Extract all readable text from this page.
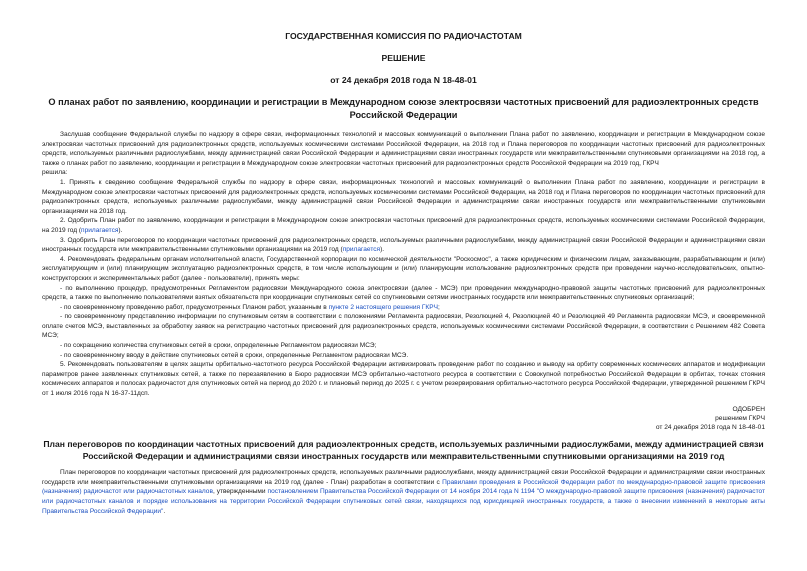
ГОСУДАРСТВЕННАЯ КОМИССИЯ ПО РАДИОЧАСТОТАМ
РЕШЕНИЕ
от 24 декабря 2018 года N 18-48-01
О планах работ по заявлению, координации и регистрации в Международном союзе электросвязи частотных присвоений для радиоэлектронных средств Российской Федерации

Заслушав сообщение Федеральной службы по надзору в сфере связи, информационных технологий и массовых коммуникаций о выполнении Плана работ по заявлению, координации и регистрации в Международном союзе электросвязи частотных присвоений для радиоэлектронных средств, используемых космическими системами Российской Федерации, на 2018 год и Плана переговоров по координации частотных присвоений для радиоэлектронных средств, используемых различными радиослужбами, между администрацией связи Российской Федерации и администрациями связи иностранных государств или межправительственными спутниковыми организациями на 2018 год, а также о планах работ по заявлению, координации и регистрации в Международном союзе электросвязи частотных присвоений для радиоэлектронных средств Российской Федерации на 2019 год, ГКРЧ

решила:

1. Принять к сведению сообщение Федеральной службы по надзору в сфере связи, информационных технологий и массовых коммуникаций о выполнении Плана работ по заявлению, координации и регистрации в Международном союзе электросвязи частотных присвоений для радиоэлектронных средств, используемых космическими системами Российской Федерации, на 2018 год и Плана переговоров по координации частотных присвоений для радиоэлектронных средств, используемых различными радиослужбами, между администрацией связи Российской Федерации и администрациями связи иностранных государств или межправительственными спутниковыми организациями на 2018 год.

2. Одобрить План работ по заявлению, координации и регистрации в Международном союзе электросвязи частотных присвоений для радиоэлектронных средств, используемых космическими системами Российской Федерации, на 2019 год (прилагается).

3. Одобрить План переговоров по координации частотных присвоений для радиоэлектронных средств, используемых различными радиослужбами, между администрацией связи Российской Федерации и администрациями связи иностранных государств или межправительственными спутниковыми организациями на 2019 год (прилагается).

4. Рекомендовать федеральным органам исполнительной власти, Государственной корпорации по космической деятельности "Роскосмос", а также юридическим и физическим лицам, заказывающим, разрабатывающим и (или) эксплуатирующим и (или) планирующим эксплуатацию радиоэлектронных средств, в том числе использующим и (или) планирующим использование радиоэлектронных средств при проведении научно-исследовательских, опытно-конструкторских и экспериментальных работ (далее - пользователи), принять меры:

- по выполнению процедур, предусмотренных Регламентом радиосвязи Международного союза электросвязи (далее - МСЭ) при проведении международно-правовой защиты частотных присвоений для радиоэлектронных средств, а также по выполнению пользователями взятых обязательств при координации спутниковых сетей со спутниковыми сетями иностранных государств или межправительственных спутниковых организаций;

- по своевременному проведению работ, предусмотренных Планом работ, указанным в пункте 2 настоящего решения ГКРЧ;

- по своевременному представлению информации по спутниковым сетям в соответствии с положениями Регламента радиосвязи, Резолюцией 4, Резолюцией 40 и Резолюцией 49 Регламента радиосвязи МСЭ, и своевременной оплате счетов МСЭ, выставленных за обработку заявок на регистрацию частотных присвоений для радиоэлектронных средств, используемых космическими системами Российской Федерации, в соответствии с Решением 482 Совета МСЭ;

- по сокращению количества спутниковых сетей в сроки, определенные Регламентом радиосвязи МСЭ;

- по своевременному вводу в действие спутниковых сетей в сроки, определенные Регламентом радиосвязи МСЭ.

5. Рекомендовать пользователям в целях защиты орбитально-частотного ресурса Российской Федерации активизировать проведение работ по созданию и выводу на орбиту современных космических аппаратов и модификации параметров ранее заявленных спутниковых сетей, а также по перезаявлению в Бюро радиосвязи МСЭ орбитально-частотного ресурса в соответствии с Совокупной потребностью Российской Федерации в орбитах, точках стояния космических аппаратов и полосах радиочастот для спутниковых сетей на период до 2020 г. и плановый период до 2025 г. с учетом резервирования орбитально-частотного ресурса Российской Федерации, утвержденной решением ГКРЧ от 1 июля 2016 года N 16-37-11дсп.

ОДОБРЕН
решением ГКРЧ
от 24 декабря 2018 года N 18-48-01
План переговоров по координации частотных присвоений для радиоэлектронных средств, используемых различными радиослужбами, между администрацией связи Российской Федерации и администрациями связи иностранных государств или межправительственными спутниковыми организациями на 2019 год

План переговоров по координации частотных присвоений для радиоэлектронных средств, используемых различными радиослужбами, между администрацией связи Российской Федерации и администрациями связи иностранных государств или межправительственными спутниковыми организациями на 2019 год (далее - План) разработан в соответствии с Правилами проведения в Российской Федерации работ по международно-правовой защите присвоения (назначения) радиочастот или радиочастотных каналов, утвержденными постановлением Правительства Российской Федерации от 14 ноября 2014 года N 1194 "О международно-правовой защите присвоения (назначения) радиочастот или радиочастотных каналов и порядке использования на территории Российской Федерации спутниковых сетей связи, находящихся под юрисдикцией иностранных государств, а также о внесении изменений в некоторые акты Правительства Российской Федерации".
